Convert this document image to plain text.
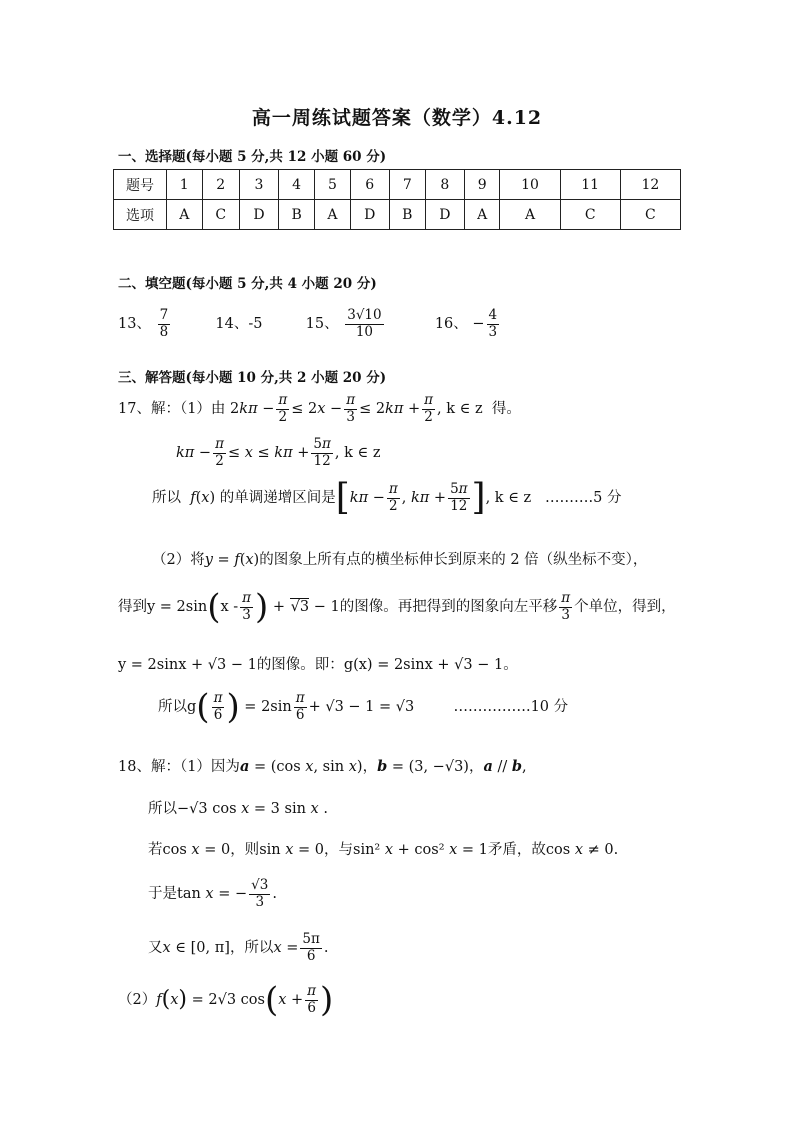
高一周练试题答案（数学）4.12
一、选择题(每小题 5 分,共 12 小题 60 分)
题号	1	2	3	4	5	6	7	8	9	10	11	12
选项	A	C	D	B	A	D	B	D	A	A	C	C
二、填空题(每小题 5 分,共 4 小题 20 分)
13、 $\frac{7}{8}$	14、-5	15、 $\frac{3√10}{10}$	16、 − $\frac{4}{3}$
三、解答题(每小题 10 分,共 2 小题 20 分)
17、解：（1）由 $2k\pi - \frac{\pi}{2} \le 2x - \frac{\pi}{3} \le 2k\pi + \frac{\pi}{2}$ , k ∈ z  得。
$k\pi - \frac{\pi}{2} \le x \le k\pi + \frac{5\pi}{12}$ , k ∈ z
所以 f(x) 的单调递增区间是[$k\pi - \frac{\pi}{2}$ , $k\pi + \frac{5\pi}{12}$ ], k ∈ z   ……….5 分
（2）将y = f(x)的图象上所有点的横坐标伸长到原来的 2 倍（纵坐标不变），
得到$y = 2\sin(x - \frac{\pi}{3}$ ) + √3 − 1的图像。再把得到的图象向左平移 $\frac{\pi}{3}$ 个单位，得到，
y = 2sinx + √3 − 1的图像。即：g(x) = 2sinx + √3 − 1。
所以$g( \frac{\pi}{6}$ ) = $2\sin \frac{\pi}{6} + √3 - 1 = √3$  …………….10 分
18、解：（1）因为a = (cos x, sin x)，b = (3, −√3)，a // b,
所以−√3 cos x = 3 sin x .
若cos x = 0，则sin x = 0，与sin² x + cos² x = 1矛盾，故cos x ≠ 0.
于是tan x = − $\frac{√3}{3}$ .
又x ∈ [0, π]，所以$x = \frac{5\pi}{6}$ .
（2）f(x) = 2√3 $\cos(x + \frac{\pi}{6}$ )
